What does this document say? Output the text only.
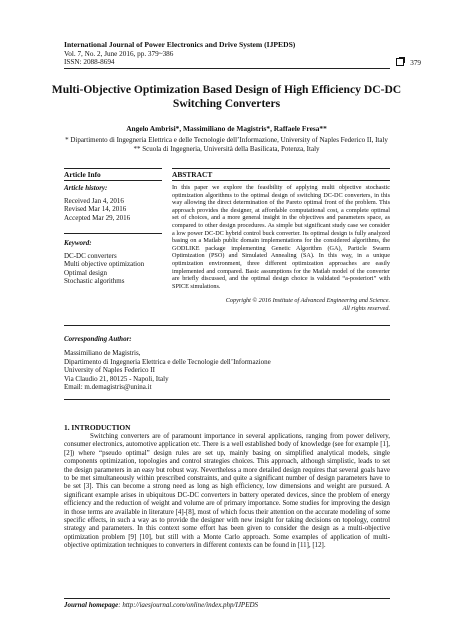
International Journal of Power Electronics and Drive System (IJPEDS)
Vol. 7, No. 2, June 2016, pp. 379~386
ISSN: 2088-8694	379
Multi-Objective Optimization Based Design of High Efficiency DC-DC Switching Converters
Angelo Ambrisi*, Massimiliano de Magistris*, Raffaele Fresa**
* Dipartimento di Ingegneria Elettrica e delle Tecnologie dell’Informazione, University of Naples Federico II, Italy
** Scuola di Ingegneria, Università della Basilicata, Potenza, Italy
Article Info	ABSTRACT
Article history:
Received Jan 4, 2016
Revised Mar 14, 2016
Accepted Mar 29, 2016
Keyword:
DC-DC converters
Multi objective optimization
Optimal design
Stochastic algorithms
In this paper we explore the feasibility of applying multi objective stochastic optimization algorithms to the optimal design of switching DC-DC converters, in this way allowing the direct determination of the Pareto optimal front of the problem. This approach provides the designer, at affordable computational cost, a complete optimal set of choices, and a more general insight in the objectives and parameters space, as compared to other design procedures. As simple but significant study case we consider a low power DC-DC hybrid control buck converter. Its optimal design is fully analyzed basing on a Matlab public domain implementations for the considered algorithms, the GODLIKE package implementing Genetic Algorithm (GA), Particle Swarm Optimization (PSO) and Simulated Annealing (SA). In this way, in a unique optimization environment, three different optimization approaches are easily implemented and compared. Basic assumptions for the Matlab model of the converter are briefly discussed, and the optimal design choice is validated “a-posteriori” with SPICE simulations.
Copyright © 2016 Institute of Advanced Engineering and Science.
All rights reserved.
Corresponding Author:
Massimiliano de Magistris,
Dipartimento di Ingegneria Elettrica e delle Tecnologie dell’Informazione
University of Naples Federico II
Via Claudio 21, 80125 - Napoli, Italy
Email: m.demagistris@unina.it
1. INTRODUCTION
Switching converters are of paramount importance in several applications, ranging from power delivery, consumer electronics, automotive application etc. There is a well established body of knowledge (see for example [1], [2]) where “pseudo optimal” design rules are set up, mainly basing on simplified analytical models, single components optimization, topologies and control strategies choices. This approach, although simplistic, leads to set the design parameters in an easy but robust way. Nevertheless a more detailed design requires that several goals have to be met simultaneously within prescribed constraints, and quite a significant number of design parameters have to be set [3]. This can become a strong need as long as high efficiency, low dimensions and weight are pursued. A significant example arises in ubiquitous DC-DC converters in battery operated devices, since the problem of energy efficiency and the reduction of weight and volume are of primary importance. Some studies for improving the design in those terms are available in literature [4]-[8], most of which focus their attention on the accurate modeling of some specific effects, in such a way as to provide the designer with new insight for taking decisions on topology, control strategy and parameters. In this context some effort has been given to consider the design as a multi-objective optimization problem [9] [10], but still with a Monte Carlo approach. Some examples of application of multi-objective optimization techniques to converters in different contexts can be found in [11], [12].
Journal homepage: http://iaesjournal.com/online/index.php/IJPEDS
